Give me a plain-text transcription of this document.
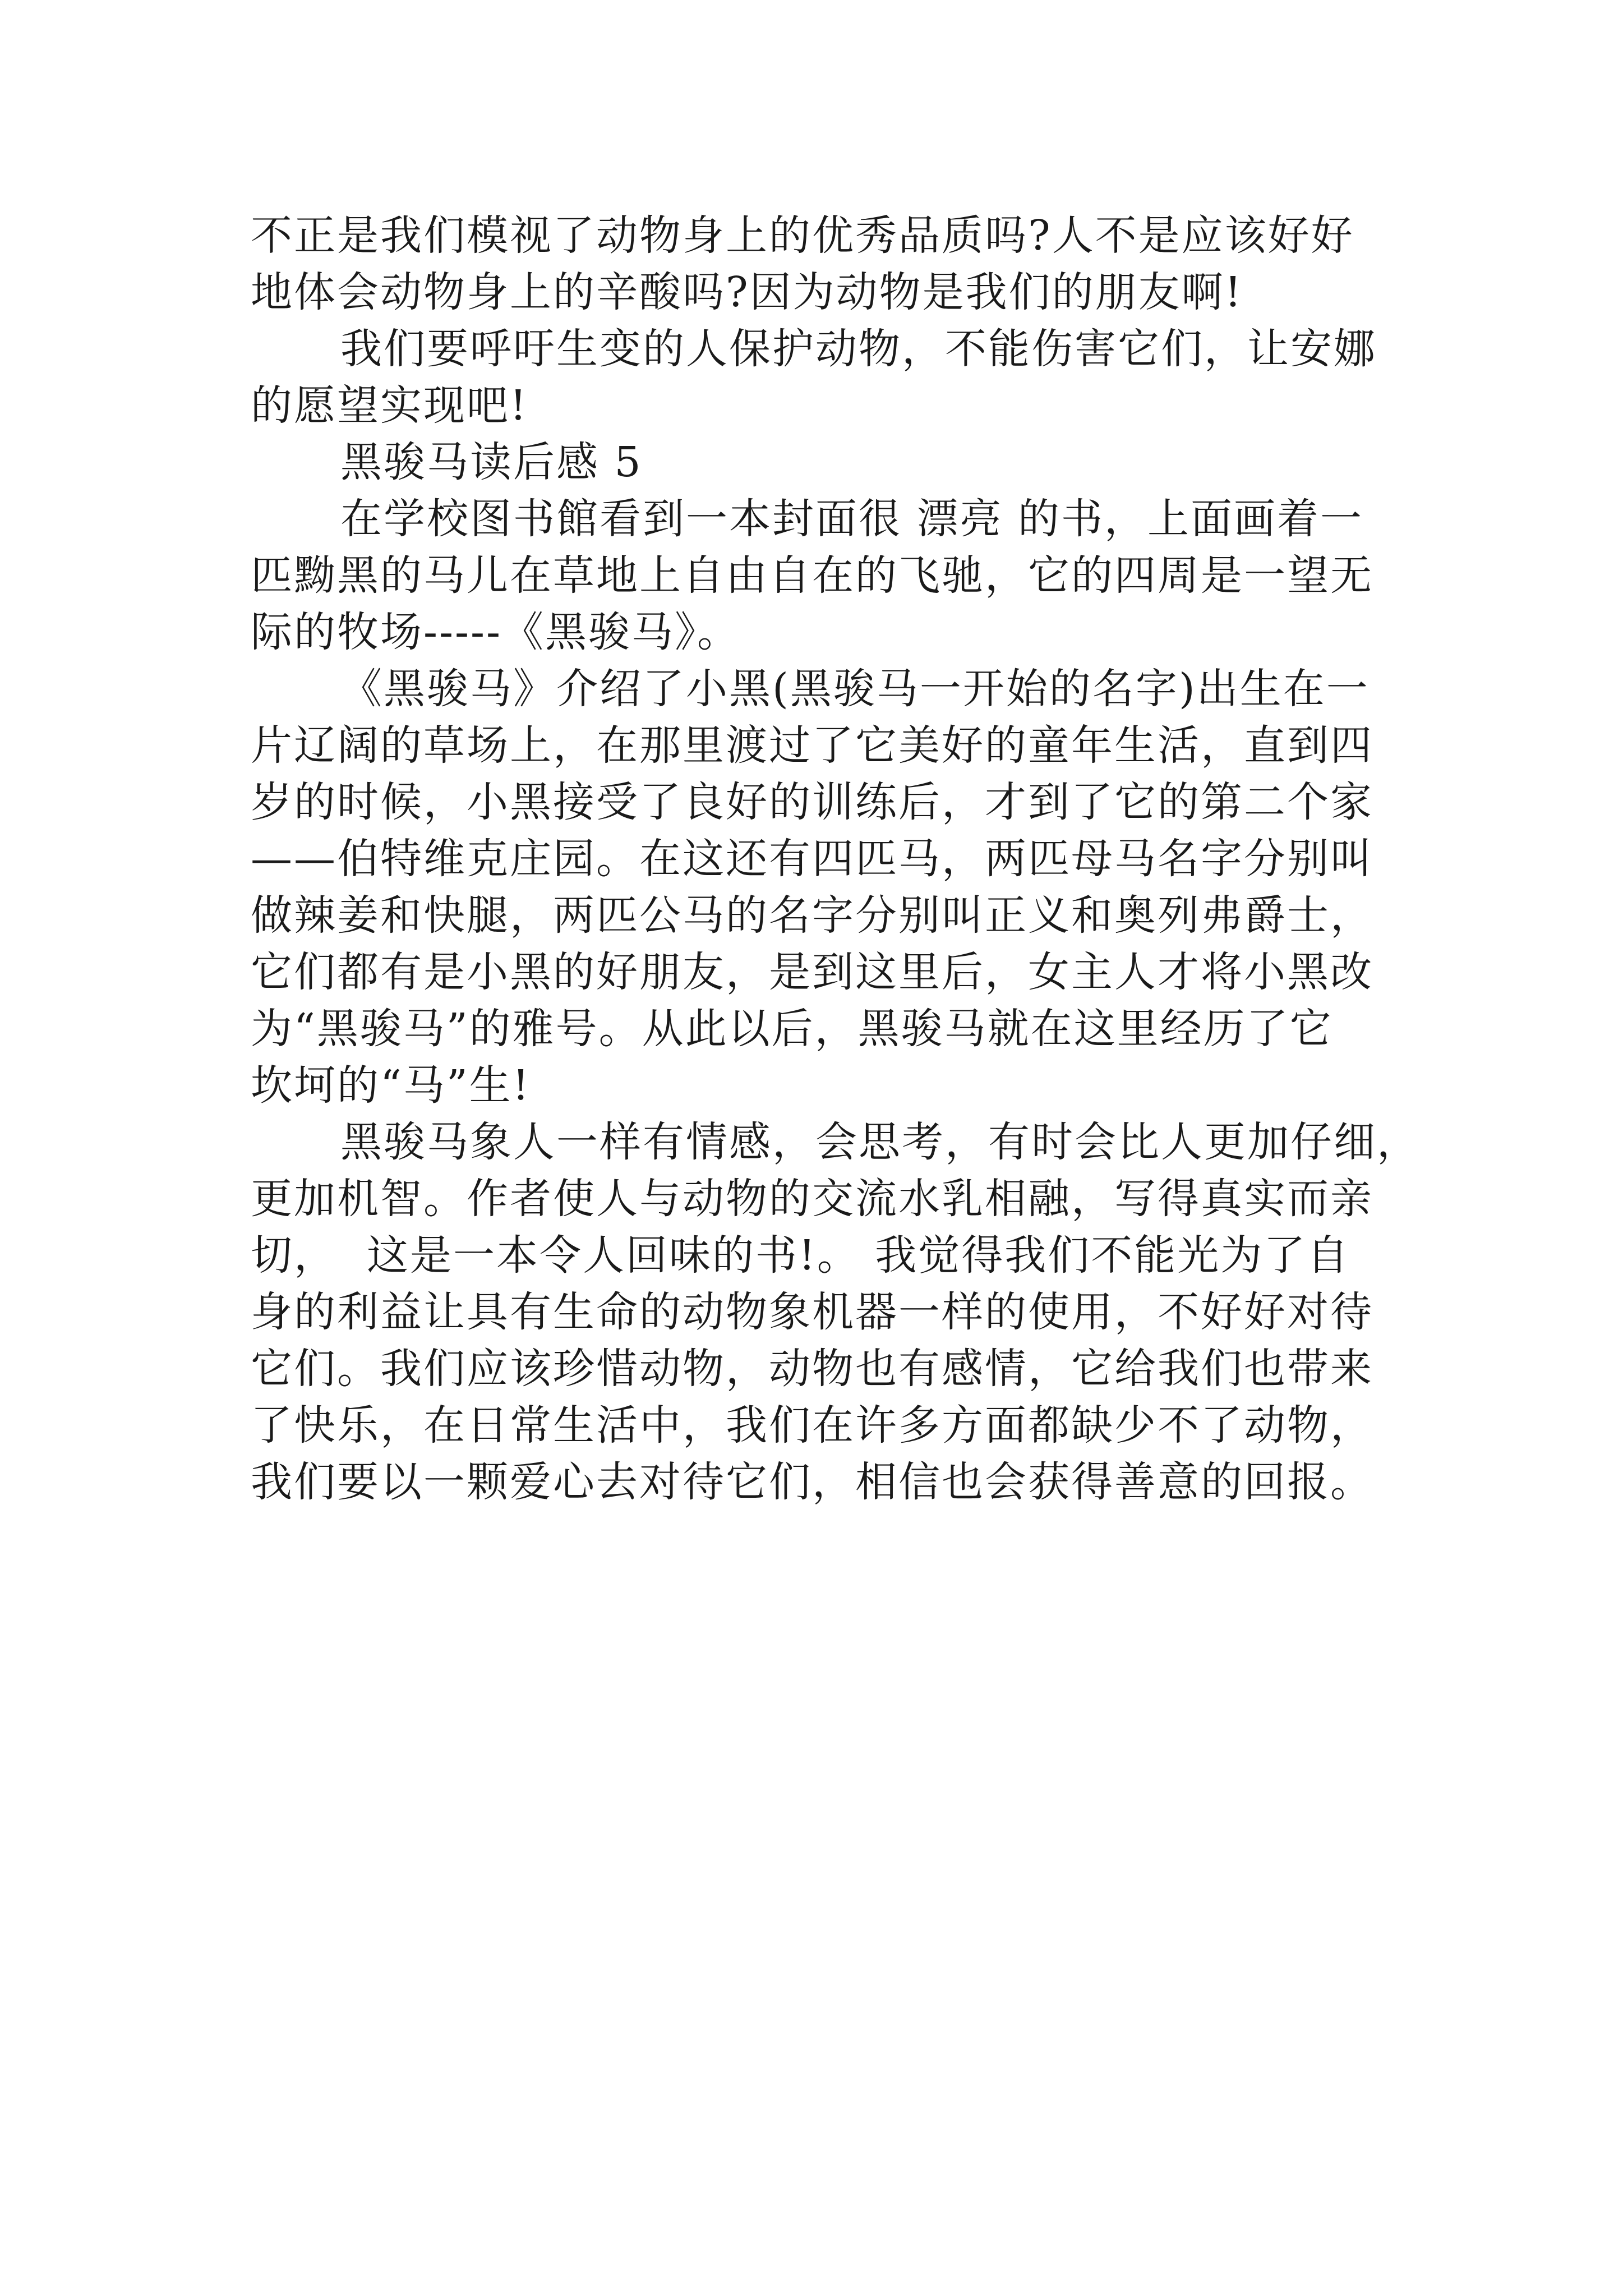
不正是我们模视了动物身上的优秀品质吗?人不是应该好好
地体会动物身上的辛酸吗?因为动物是我们的朋友啊!
我们要呼吁生变的人保护动物，不能伤害它们，让安娜
的愿望实现吧!
黑骏马读后感 5
在学校图书館看到一本封面很 漂亮 的书，上面画着一
匹黝黑的马儿在草地上自由自在的飞驰，它的四周是一望无
际的牧场-----《黑骏马》。
《黑骏马》介绍了小黑(黑骏马一开始的名字)出生在一
片辽阔的草场上，在那里渡过了它美好的童年生活，直到四
岁的时候，小黑接受了良好的训练后，才到了它的第二个家
——伯特维克庄园。在这还有四匹马，两匹母马名字分别叫
做辣姜和快腿，两匹公马的名字分别叫正义和奥列弗爵士，
它们都有是小黑的好朋友，是到这里后，女主人才将小黑改
为“黑骏马”的雅号。从此以后，黑骏马就在这里经历了它
坎坷的“马”生!
黑骏马象人一样有情感，会思考，有时会比人更加仔细，
更加机智。作者使人与动物的交流水乳相融，写得真实而亲
切，  这是一本令人回味的书!。 我觉得我们不能光为了自
身的利益让具有生命的动物象机器一样的使用，不好好对待
它们。我们应该珍惜动物，动物也有感情，它给我们也带来
了快乐，在日常生活中，我们在许多方面都缺少不了动物，
我们要以一颗爱心去对待它们，相信也会获得善意的回报。
